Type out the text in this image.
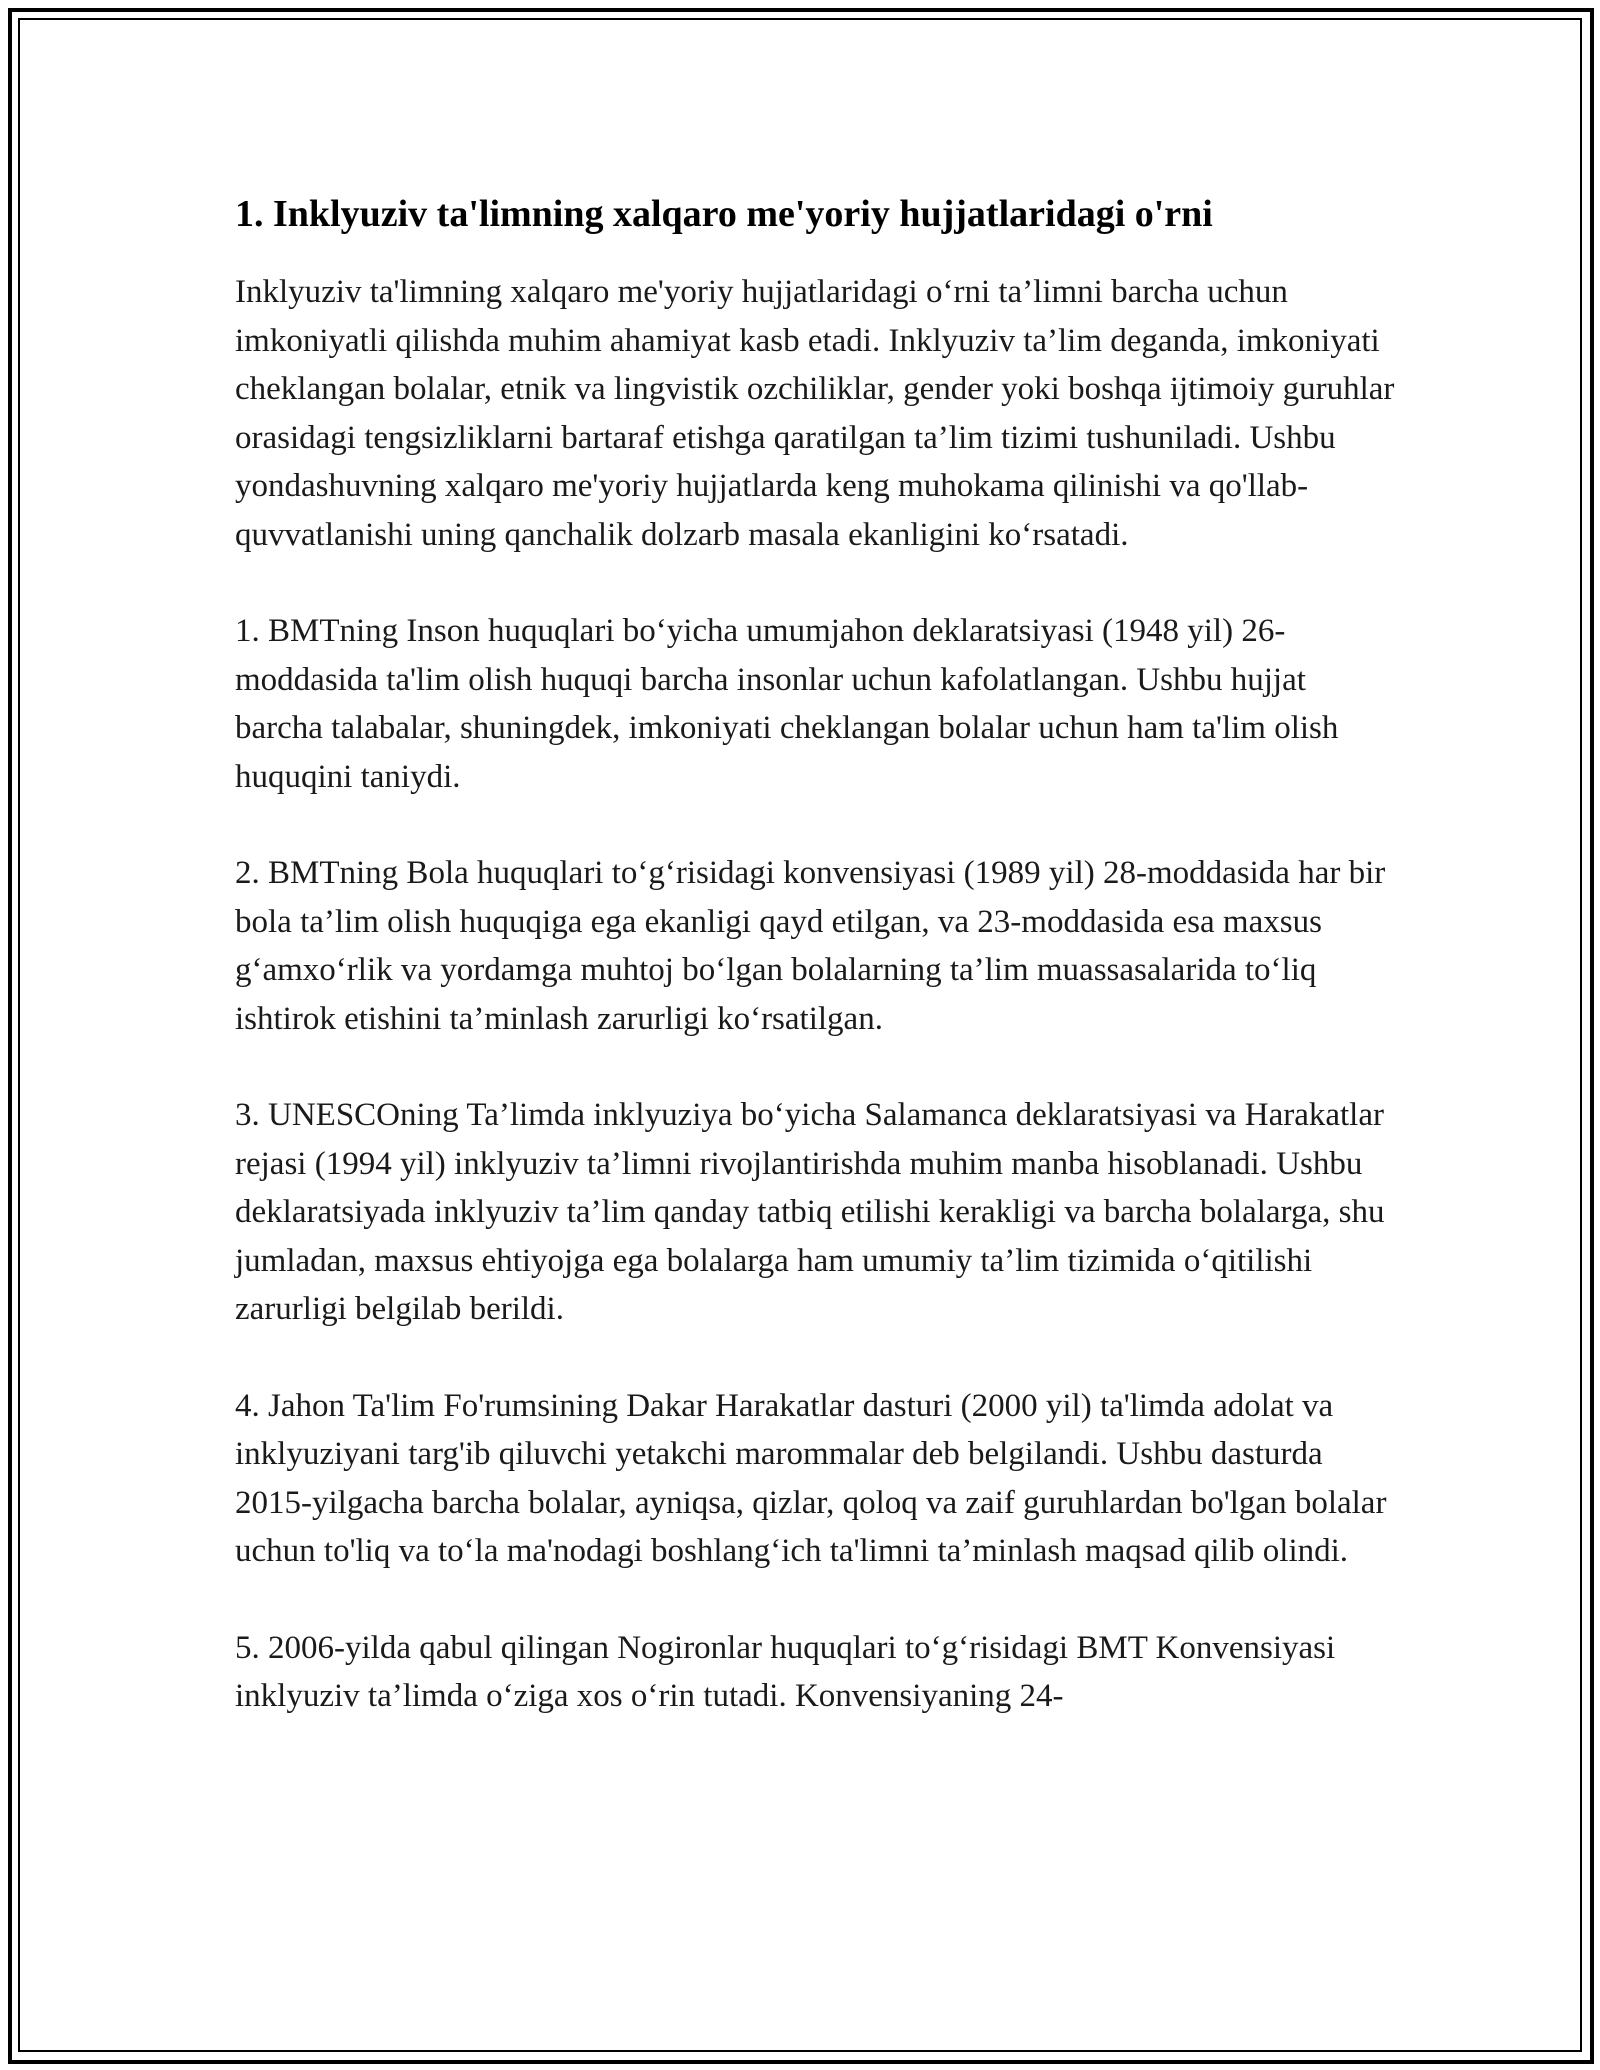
1. Inklyuziv ta'limning xalqaro me'yoriy hujjatlaridagi o'rni

Inklyuziv ta'limning xalqaro me'yoriy hujjatlaridagi o‘rni ta’limni barcha uchun imkoniyatli qilishda muhim ahamiyat kasb etadi. Inklyuziv ta’lim deganda, imkoniyati cheklangan bolalar, etnik va lingvistik ozchiliklar, gender yoki boshqa ijtimoiy guruhlar orasidagi tengsizliklarni bartaraf etishga qaratilgan ta’lim tizimi tushuniladi. Ushbu yondashuvning xalqaro me'yoriy hujjatlarda keng muhokama qilinishi va qo'llab-quvvatlanishi uning qanchalik dolzarb masala ekanligini ko‘rsatadi.

1. BMTning Inson huquqlari bo‘yicha umumjahon deklaratsiyasi (1948 yil) 26-moddasida ta'lim olish huquqi barcha insonlar uchun kafolatlangan. Ushbu hujjat barcha talabalar, shuningdek, imkoniyati cheklangan bolalar uchun ham ta'lim olish huquqini taniydi.

2. BMTning Bola huquqlari to‘g‘risidagi konvensiyasi (1989 yil) 28-moddasida har bir bola ta’lim olish huquqiga ega ekanligi qayd etilgan, va 23-moddasida esa maxsus g‘amxo‘rlik va yordamga muhtoj bo‘lgan bolalarning ta’lim muassasalarida to‘liq ishtirok etishini ta’minlash zarurligi ko‘rsatilgan.

3. UNESCOning Ta’limda inklyuziya bo‘yicha Salamanca deklaratsiyasi va Harakatlar rejasi (1994 yil) inklyuziv ta’limni rivojlantirishda muhim manba hisoblanadi. Ushbu deklaratsiyada inklyuziv ta’lim qanday tatbiq etilishi kerakligi va barcha bolalarga, shu jumladan, maxsus ehtiyojga ega bolalarga ham umumiy ta’lim tizimida o‘qitilishi zarurligi belgilab berildi.

4. Jahon Ta'lim Fo'rumsining Dakar Harakatlar dasturi (2000 yil) ta'limda adolat va inklyuziyani targ'ib qiluvchi yetakchi marommalar deb belgilandi. Ushbu dasturda 2015-yilgacha barcha bolalar, ayniqsa, qizlar, qoloq va zaif guruhlardan bo'lgan bolalar uchun to'liq va to‘la ma'nodagi boshlang‘ich ta'limni ta’minlash maqsad qilib olindi.

5. 2006-yilda qabul qilingan Nogironlar huquqlari to‘g‘risidagi BMT Konvensiyasi inklyuziv ta’limda o‘ziga xos o‘rin tutadi. Konvensiyaning 24-
